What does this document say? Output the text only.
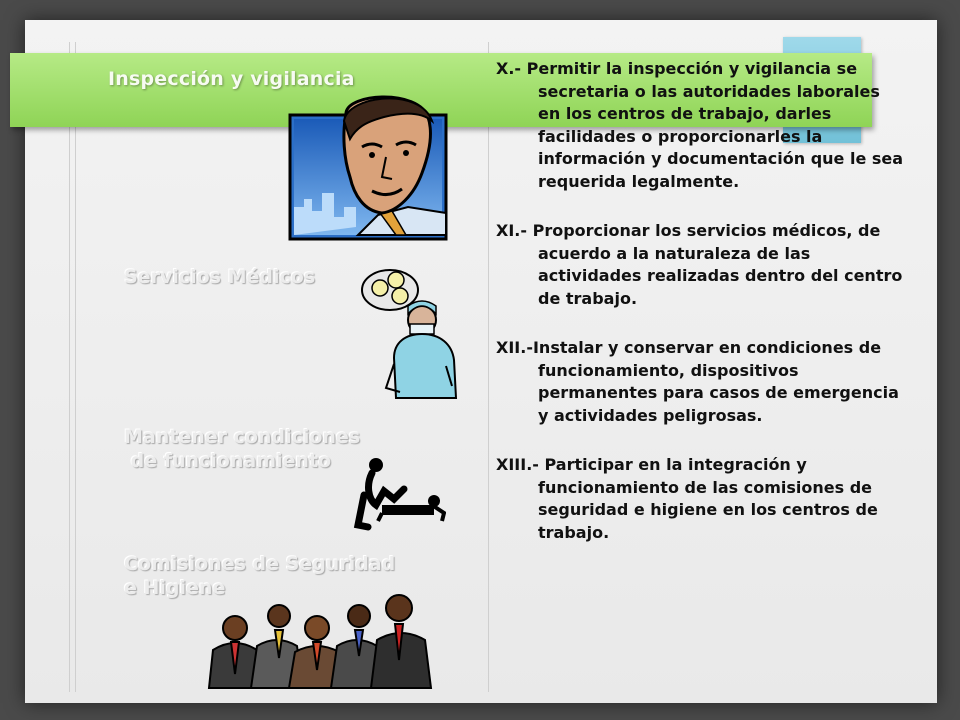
Inspección y vigilancia
Servicios Médicos
Mantener condiciones
de funcionamiento
Comisiones de Seguridad
e Higiene

X.- Permitir la inspección y vigilancia se secretaria o las autoridades laborales en los centros de trabajo, darles facilidades o proporcionarles la información y documentación que le sea requerida legalmente.

XI.- Proporcionar los servicios médicos, de acuerdo a la naturaleza de las actividades realizadas dentro del centro de trabajo.

XII.-Instalar y conservar en condiciones de funcionamiento, dispositivos permanentes para casos de emergencia y actividades peligrosas.

XIII.- Participar en la integración y funcionamiento de las comisiones de seguridad e higiene en los centros de trabajo.
